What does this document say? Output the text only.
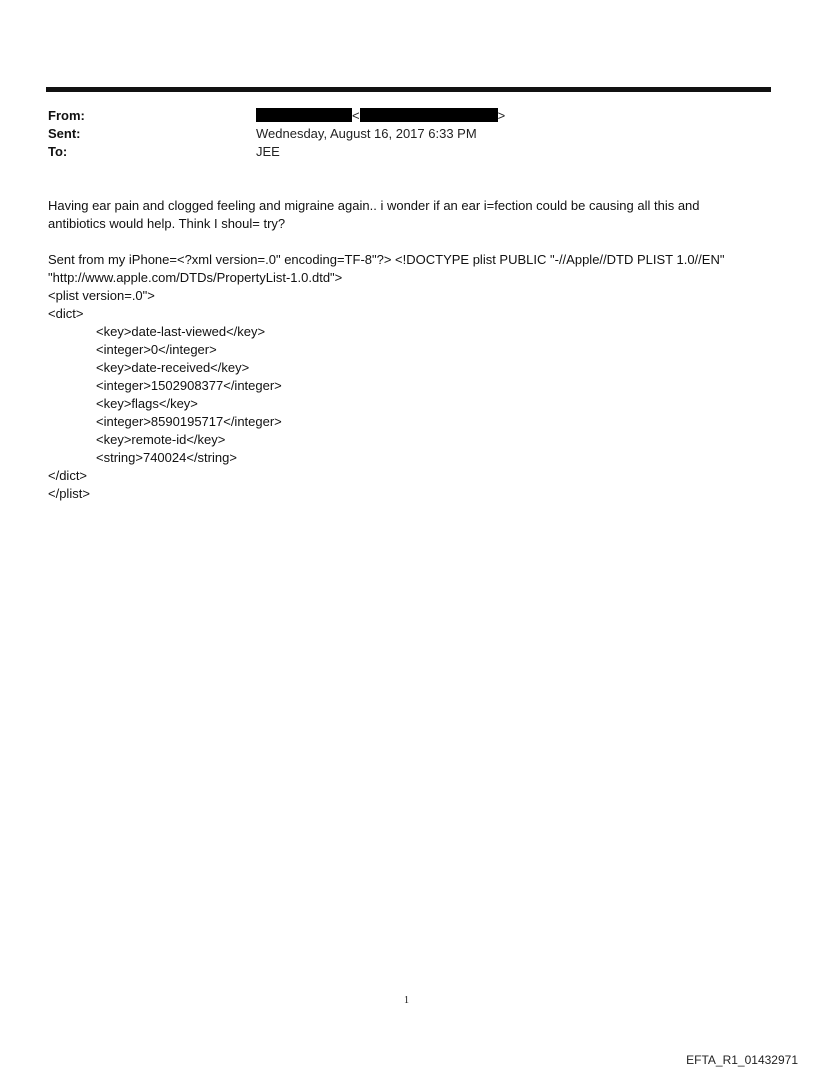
From:	<	>
Sent:	Wednesday, August 16, 2017 6:33 PM
To:	JEE
Having ear pain and clogged feeling and migraine again.. i wonder if an ear i=fection could be causing all this and
antibiotics would help. Think I shoul= try?
Sent from my iPhone=<?xml version=.0" encoding=TF-8"?> <!DOCTYPE plist PUBLIC "-//Apple//DTD PLIST 1.0//EN"
"http://www.apple.com/DTDs/PropertyList-1.0.dtd">
<plist version=.0">
<dict>
<key>date-last-viewed</key>
<integer>0</integer>
<key>date-received</key>
<integer>1502908377</integer>
<key>flags</key>
<integer>8590195717</integer>
<key>remote-id</key>
<string>740024</string>
</dict>
</plist>
1
EFTA_R1_01432971
